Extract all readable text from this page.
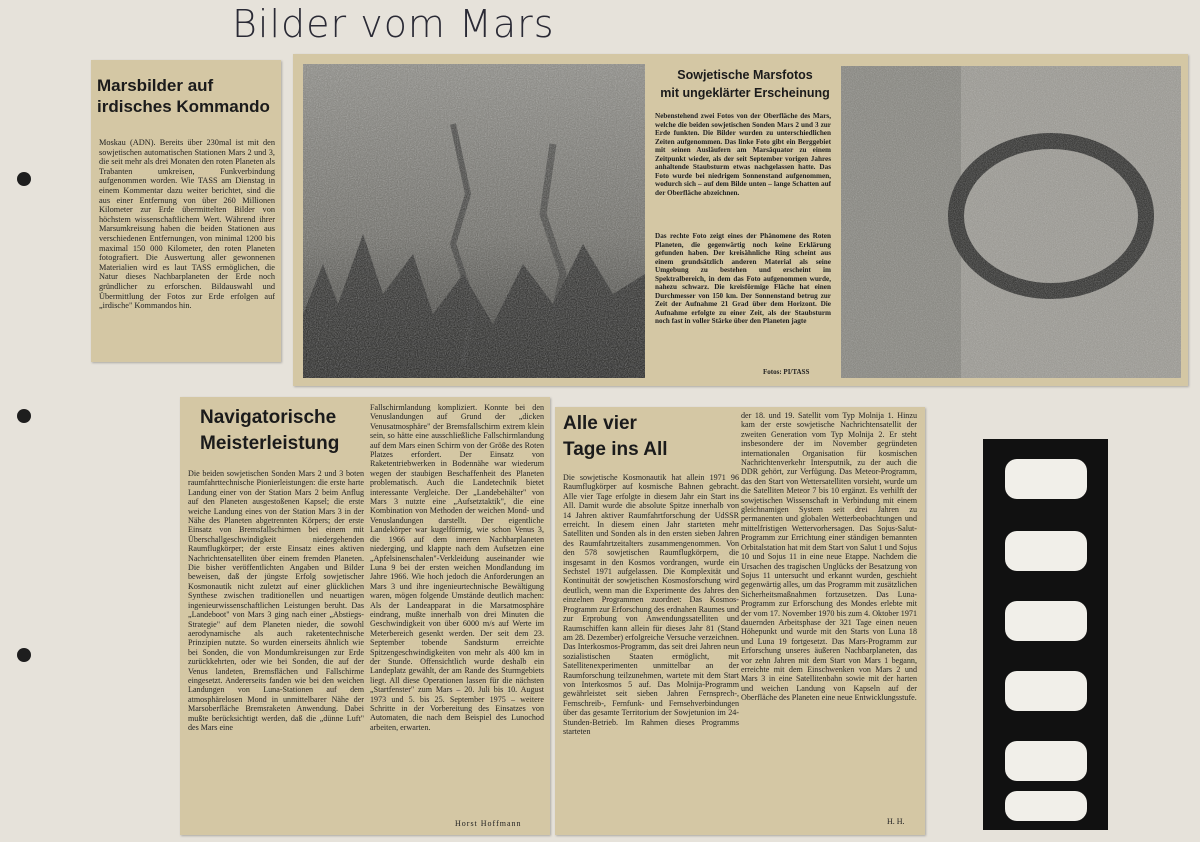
Bilder vom Mars
Marsbilder auf
irdisches Kommando
Moskau (ADN). Bereits über 230mal ist mit den sowjetischen automatischen Stationen Mars 2 und 3, die seit mehr als drei Monaten den roten Planeten als Trabanten umkreisen, Funkverbindung aufgenommen worden. Wie TASS am Dienstag in einem Kommentar dazu weiter berichtet, sind die aus einer Entfernung von über 260 Millionen Kilometer zur Erde übermittelten Bilder von höchstem wissenschaftlichem Wert. Während ihrer Marsumkreisung haben die beiden Stationen aus verschiedenen Entfernungen, von minimal 1200 bis maximal 150 000 Kilometer, den roten Planeten fotografiert. Die Auswertung aller gewonnenen Materialien wird es laut TASS ermöglichen, die Natur dieses Nachbarplaneten der Erde noch gründlicher zu erforschen. Bildauswahl und Übermittlung der Fotos zur Erde erfolgen auf „irdische" Kommandos hin.
Sowjetische Marsfotos
mit ungeklärter Erscheinung
Nebenstehend zwei Fotos von der Oberfläche des Mars, welche die beiden sowjetischen Sonden Mars 2 und 3 zur Erde funkten. Die Bilder wurden zu unterschiedlichen Zeiten aufgenommen. Das linke Foto gibt ein Berggebiet mit seinen Ausläufern am Marsäquator zu einem Zeitpunkt wieder, als der seit September vorigen Jahres anhaltende Staubsturm etwas nachgelassen hatte. Das Foto wurde bei niedrigem Sonnenstand aufgenommen, wodurch sich – auf dem Bilde unten – lange Schatten auf der Oberfläche abzeichnen.
Das rechte Foto zeigt eines der Phänomene des Roten Planeten, die gegenwärtig noch keine Erklärung gefunden haben. Der kreisähnliche Ring scheint aus einem grundsätzlich anderen Material als seine Umgebung zu bestehen und erscheint im Spektralbereich, in dem das Foto aufgenommen wurde, nahezu schwarz. Die kreisförmige Fläche hat einen Durchmesser von 150 km. Der Sonnenstand betrug zur Zeit der Aufnahme 21 Grad über dem Horizont. Die Aufnahme erfolgte zu einer Zeit, als der Staubsturm noch fast in voller Stärke über den Planeten jagte
Fotos: PI/TASS
Navigatorische
Meisterleistung
Die beiden sowjetischen Sonden Mars 2 und 3 boten raumfahrttechnische Pionierleistungen: die erste harte Landung einer von der Station Mars 2 beim Anflug auf den Planeten ausgestoßenen Kapsel; die erste weiche Landung eines von der Station Mars 3 in der Nähe des Planeten abgetrennten Körpers; der erste Einsatz von Bremsfallschirmen bei einem mit Überschallgeschwindigkeit niedergehenden Raumflugkörper; der erste Einsatz eines aktiven Nachrichtensatelliten über einem fremden Planeten. Die bisher veröffentlichten Angaben und Bilder beweisen, daß der jüngste Erfolg sowjetischer Kosmonautik nicht zuletzt auf einer glücklichen Synthese zwischen traditionellen und neuartigen ingenieurwissenschaftlichen Leistungen beruht. Das „Landeboot" von Mars 3 ging nach einer „Abstiegs-Strategie" auf dem Planeten nieder, die sowohl aerodynamische als auch raketentechnische Prinzipien nutzte. So wurden einerseits ähnlich wie bei Sonden, die von Mondumkreisungen zur Erde zurückkehrten, oder wie bei Sonden, die auf der Venus landeten, Bremsflächen und Fallschirme eingesetzt. Andererseits fanden wie bei den weichen Landungen von Luna-Stationen auf dem atmosphärelosen Mond in unmittelbarer Nähe der Marsoberfläche Bremsraketen Anwendung. Dabei mußte berücksichtigt werden, daß die „dünne Luft" des Mars eine
Fallschirmlandung kompliziert. Konnte bei den Venuslandungen auf Grund der „dicken Venusatmosphäre" der Bremsfallschirm extrem klein sein, so hätte eine ausschließliche Fallschirmlandung auf dem Mars einen Schirm von der Größe des Roten Platzes erfordert. Der Einsatz von Raketentriebwerken in Bodennähe war wiederum wegen der staubigen Beschaffenheit des Planeten problematisch. Auch die Landetechnik bietet interessante Vergleiche. Der „Landebehälter" von Mars 3 nutzte eine „Aufsetztaktik", die eine Kombination von Methoden der weichen Mond- und Venuslandungen darstellt. Der eigentliche Landekörper war kugelförmig, wie schon Venus 3, die 1966 auf dem inneren Nachbarplaneten niederging, und klappte nach dem Aufsetzen eine „Apfelsinenschalen"-Verkleidung auseinander wie Luna 9 bei der ersten weichen Mondlandung im Jahre 1966. Wie hoch jedoch die Anforderungen an Mars 3 und ihre ingenieurtechnische Bewältigung waren, mögen folgende Umstände deutlich machen: Als der Landeapparat in die Marsatmosphäre eindrang, mußte innerhalb von drei Minuten die Geschwindigkeit von über 6000 m/s auf Werte im Meterbereich gesenkt werden. Der seit dem 23. September tobende Sandsturm erreichte Spitzengeschwindigkeiten von mehr als 400 km in der Stunde. Offensichtlich wurde deshalb ein Landeplatz gewählt, der am Rande des Sturmgebiets liegt. All diese Operationen lassen für die nächsten „Startfenster" zum Mars – 20. Juli bis 10. August 1973 und 5. bis 25. September 1975 – weitere Schritte in der Vorbereitung des Einsatzes von Automaten, die nach dem Beispiel des Lunochod arbeiten, erwarten.
Horst Hoffmann
Alle vier
Tage ins All
Die sowjetische Kosmonautik hat allein 1971 96 Raumflugkörper auf kosmische Bahnen gebracht. Alle vier Tage erfolgte in diesem Jahr ein Start ins All. Damit wurde die absolute Spitze innerhalb von 14 Jahren aktiver Raumfahrtforschung der UdSSR erreicht. In diesem einen Jahr starteten mehr Satelliten und Sonden als in den ersten sieben Jahren des Raumfahrtzeitalters zusammengenommen. Von den 578 sowjetischen Raumflugkörpern, die insgesamt in den Kosmos vordrangen, wurde ein Sechstel 1971 aufgelassen. Die Komplexität und Kontinuität der sowjetischen Kosmosforschung wird deutlich, wenn man die Experimente des Jahres den einzelnen Programmen zuordnet: Das Kosmos-Programm zur Erforschung des erdnahen Raumes und zur Erprobung von Anwendungssatelliten und Raumschiffen kann allein für dieses Jahr 81 (Stand am 28. Dezember) erfolgreiche Versuche verzeichnen. Das Interkosmos-Programm, das seit drei Jahren neun sozialistischen Staaten ermöglicht, mit Satellitenexperimenten unmittelbar an der Raumforschung teilzunehmen, wartete mit dem Start von Interkosmos 5 auf. Das Molnija-Programm gewährleistet seit sieben Jahren Fernsprech-, Fernschreib-, Fernfunk- und Fernsehverbindungen über das gesamte Territorium der Sowjetunion im 24-Stunden-Betrieb. Im Rahmen dieses Programms starteten
der 18. und 19. Satellit vom Typ Molnija 1. Hinzu kam der erste sowjetische Nachrichtensatellit der zweiten Generation vom Typ Molnija 2. Er steht insbesondere der im November gegründeten internationalen Organisation für kosmischen Nachrichtenverkehr Intersputnik, zu der auch die DDR gehört, zur Verfügung. Das Meteor-Programm, das den Start von Wettersatelliten vorsieht, wurde um die Satelliten Meteor 7 bis 10 ergänzt. Es verhilft der sowjetischen Wissenschaft in Verbindung mit einem gleichnamigen System seit drei Jahren zu permanenten und globalen Wetterbeobachtungen und mittelfristigen Wettervorhersagen. Das Sojus-Salut-Programm zur Errichtung einer ständigen bemannten Orbitalstation hat mit dem Start von Salut 1 und Sojus 10 und Sojus 11 in eine neue Etappe. Nachdem die Ursachen des tragischen Unglücks der Besatzung von Sojus 11 untersucht und erkannt wurden, geschieht gegenwärtig alles, um das Programm mit zusätzlichen Sicherheitsmaßnahmen fortzusetzen. Das Luna-Programm zur Erforschung des Mondes erlebte mit der vom 17. November 1970 bis zum 4. Oktober 1971 dauernden Arbeitsphase der 321 Tage einen neuen Höhepunkt und wurde mit den Starts von Luna 18 und Luna 19 fortgesetzt. Das Mars-Programm zur Erforschung unseres äußeren Nachbarplaneten, das vor zehn Jahren mit dem Start von Mars 1 begann, erreichte mit dem Einschwenken von Mars 2 und Mars 3 in eine Satellitenbahn sowie mit der harten und weichen Landung von Kapseln auf der Oberfläche des Planeten eine neue Entwicklungsstufe.
H. H.
